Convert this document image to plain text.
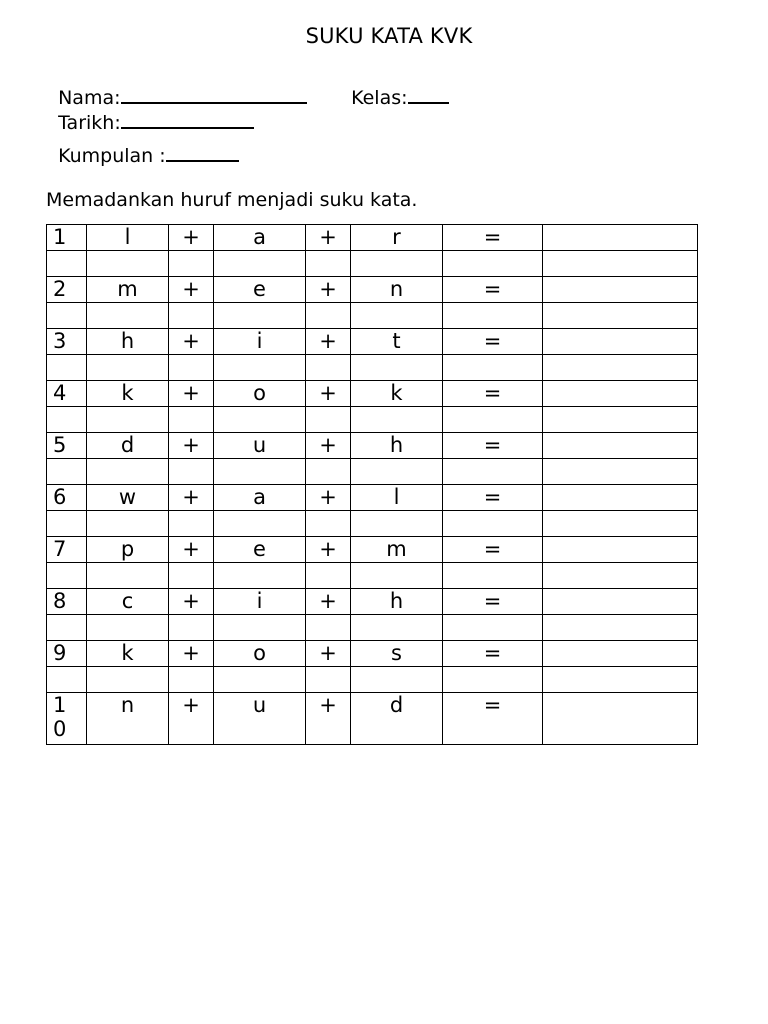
SUKU KATA KVK

Nama:	Kelas:

Tarikh:

Kumpulan :

Memadankan huruf menjadi suku kata.
1	l	+	a	+	r	=	

2	m	+	e	+	n	=	

3	h	+	i	+	t	=	

4	k	+	o	+	k	=	

5	d	+	u	+	h	=	

6	w	+	a	+	l	=	

7	p	+	e	+	m	=	

8	c	+	i	+	h	=	

9	k	+	o	+	s	=	

10	n	+	u	+	d	=	
